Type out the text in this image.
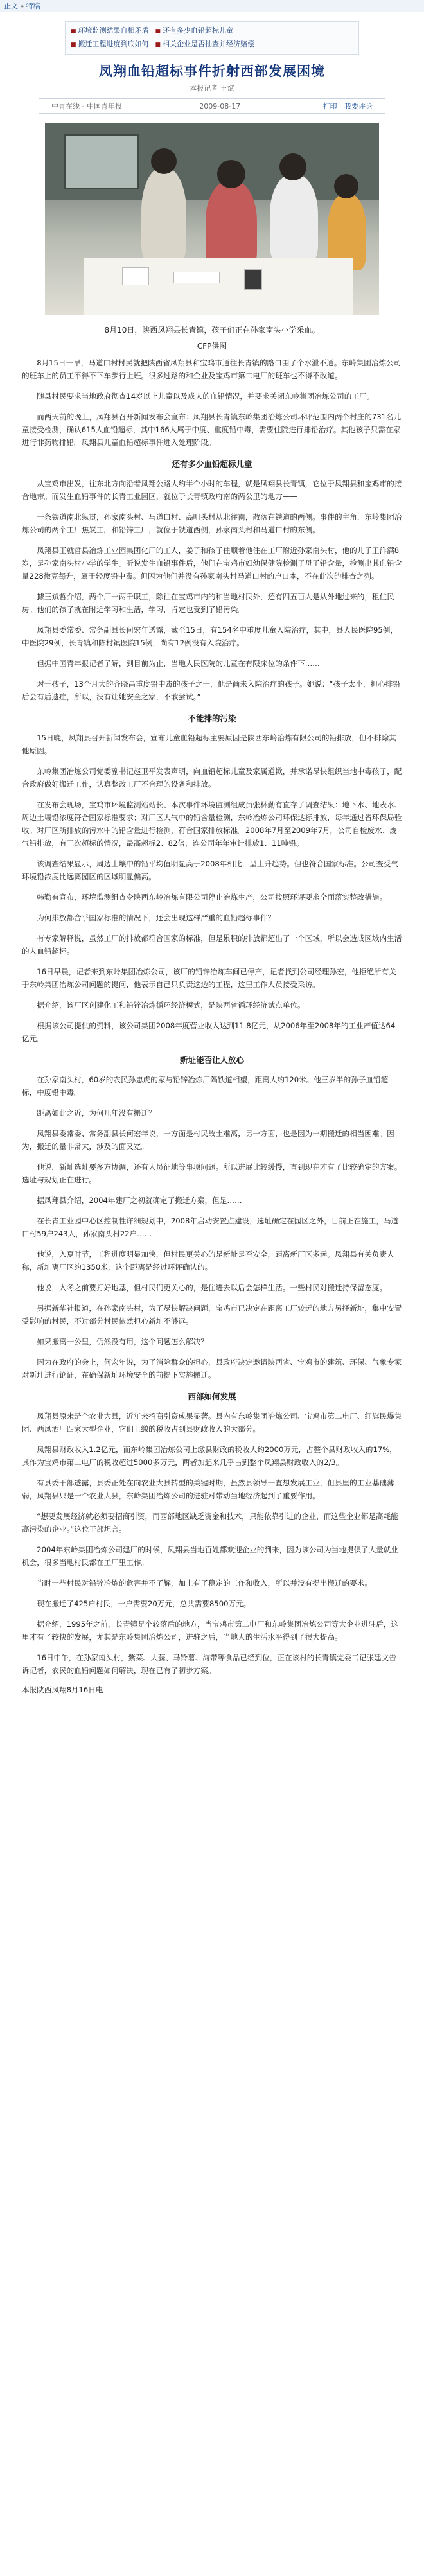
正文 » 特稿
■ 环境监测结果自相矛盾	■ 还有多少血铅超标儿童
■ 搬迁工程进度到底如何	■ 相关企业是否抽查并经济赔偿
凤翔血铅超标事件折射西部发展困境
本报记者 王斌
中青在线 - 中国青年报	2009-08-17	打印 我要评论
8月10日，陕西凤翔县长青镇，孩子们正在孙家南头小学采血。
CFP供图

8月15日一早，马道口村村民就把陕西省凤翔县和宝鸡市通往长青镇的路口围了个水泄不通。东岭集团冶炼公司的班车上的员工不得不下车步行上班。很多过路的和企业及宝鸡市第二电厂的班车也不得不改道。

随县村民要求当地政府彻查14岁以上儿童以及成人的血铅情况，并要求关闭东岭集团冶炼公司的工厂。

而两天前的晚上，凤翔县召开新闻发布会宣布：凤翔县长青镇东岭集团冶炼公司环评范围内两个村庄的731名儿童接受检测，确认615人血铅超标，其中166人属于中度、重度铅中毒，需要住院进行排铅治疗。其他孩子只需在家进行非药物排铅。凤翔县儿童血铅超标事件进入处理阶段。

还有多少血铅超标儿童

从宝鸡市出发，往东北方向沿着凤翔公路大约半个小时的车程，就是凤翔县长青镇，它位于凤翔县和宝鸡市的接合地带。而发生血铅事件的长青工业园区，就位于长青镇政府南的两公里的地方——

一条铁道南北纵贯，孙家南头村、马道口村、高咀头村从北往南，散落在铁道的两侧。事件的主角，东岭集团冶炼公司的两个工厂焦炭工厂和铅锌工厂，就位于铁道西侧，孙家南头村和马道口村的东侧。

凤翔县王就哲县冶炼工业园集团化厂的工人，姜子和孩子住顺着他住在工厂附近孙家南头村，他的儿子王洋满8岁，是孙家南头村小学的学生。听说发生血铅事件后，他们在宝鸡市妇幼保健院检测子母了铅含量，检测出其血铅含量228微克每升，属于轻度铅中毒。但因为他们并没有孙家南头村马道口村的户口本，不在此次的排查之列。

據王斌哲介绍，两个厂一两千职工，除往在宝鸡市内的和当地村民外，还有四五百人是从外地过来的，租住民房。他们的孩子就在附近学习和生活，学习，肯定也受到了铅污染。

凤翔县委常委、常务副县长何宏年透露，截至15日，有154名中重度儿童入院治疗，其中，县人民医院95例，中医院29例，长青镇和陈村镇医院15例，尚有12例没有入院治疗。

但据中国青年报记者了解，到目前为止，当地人民医院的儿童在有限床位的条件下……

对于孩子，13个月大的齐晓昌重度铅中毒的孩子之一，他是尚未入院治疗的孩子。她说：“孩子太小，担心排铅后会有后遗症，所以，没有让她安全之家，不敢尝试。”

不能排的污染

15日晚，凤翔县召开新闻发布会，宣布儿童血铅超标主要原因是陕西东岭冶炼有限公司的铅排放，但不排除其他原因。

东岭集团冶炼公司党委副书记赵卫平发表声明，向血铅超标儿童及家属道歉，并承诺尽快组织当地中毒孩子，配合政府做好搬迁工作，认真整改工厂不合理的设备和排放。

在发布会现场，宝鸡市环境监测站站长、本次事件环境监测组成员张林勤有直存了调查结果：地下水、地表水、周边土壤铅浓度符合国家标准要求；对厂区大气中的铅含量检测，东岭冶炼公司环保达标排放，每年通过省环保局验收。对厂区所排放的污水中的铅含量进行检测，符合国家排放标准。2008年7月至2009年7月，公司自检废水、废气铅排放，有三次超标的情况，最高超标2、82倍，连公司年年审计排放1、11吨铅。

该调查结果显示，周边土壤中的铅平均值明显高于2008年相比，呈上升趋势。但也符合国家标准。公司查受气环境铅浓度比远离园区的区域明显偏高。

韩勤有宣布，环境监测组查令陕西东岭冶炼有限公司停止冶炼生产，公司按照环评要求全面落实整改措施。

为何排放都合乎国家标准的情况下，还会出现这样严重的血铅超标事件？

有专家解释说，虽然工厂的排放都符合国家的标准，但是累积的排放都超出了一个区域，所以会造成区域内生活的人血铅超标。

16日早晨，记者来到东岭集团冶炼公司，该厂的铅锌冶炼车间已停产，记者找到公司经理孙宏，他拒绝所有关于东岭集团冶炼公司问题的提问，他表示自己只负责这边的工程，这里工作人员接受采访。

据介绍，该厂区创建化工和铅锌冶炼循环经济模式，是陕西省循环经济试点单位。

根据该公司提供的资料，该公司集团2008年度营业收入达到11.8亿元，从2006年至2008年的工业产值达64亿元。

新址能否让人放心

在孙家南头村，60岁的农民孙忠虎的家与铅锌冶炼厂隔铁道相望，距离大约120米。他三岁半的孙子血铅超标，中度铅中毒。

距离如此之近，为何几年没有搬迁？

凤翔县委常委、常务副县长何宏年说，一方面是村民故土难离，另一方面，也是因为一期搬迁的相当困难。因为，搬迁的量非常大，涉及的面又宽。

他说，新址选址要多方协调，还有人员征地等事项问题。所以进展比较缓慢，直到现在才有了比较确定的方案。选址与规划正在进行。

据凤翔县介绍，2004年建厂之初就确定了搬迁方案，但是……

在长青工业园中心区控制性详细规划中，2008年启动安置点建设，选址确定在园区之外，目前正在施工，马道口村59户243人，孙家南头村22户……

他说，入夏时节，工程进度明显加快，但村民更关心的是新址是否安全，距离新厂区多远。凤翔县有关负责人称，新址离厂区约1350米，这个距离是经过环评确认的。

他说，入冬之前要打好地基，但村民们更关心的，是住进去以后会怎样生活。一些村民对搬迁持保留态度。

另据新华社报道，在孙家南头村，为了尽快解决问题，宝鸡市已决定在距离工厂较远的地方另择新址，集中安置受影响的村民，不过部分村民依然担心新址不够远。

如果搬离一公里，仍然没有用，这个问题怎么解决？

因为在政府的会上，何宏年说，为了消除群众的担心，县政府决定邀请陕西省、宝鸡市的建筑、环保、气象专家对新址进行论证，在确保新址环境安全的前提下实施搬迁。

西部如何发展

凤翔县原来是个农业大县，近年来招商引资成果显著。县内有东岭集团冶炼公司、宝鸡市第二电厂、红旗民爆集团、西凤酒厂四家大型企业，它们上缴的税收占到县财政收入的大部分。

凤翔县财政收入1.2亿元，而东岭集团冶炼公司上缴县财政的税收大约2000万元，占整个县财政收入的17%，其作为宝鸡市第二电厂的税收超过5000多万元，两者加起来几乎占到整个凤翔县财政收入的2/3。

有县委干部透露，县委正处在向农业大县转型的关键时期，虽然县领导一直想发展工业，但县里的工业基础薄弱，凤翔县只是一个农业大县，东岭集团冶炼公司的进驻对带动当地经济起到了重要作用。

“想要发展经济就必须要招商引资，而西部地区缺乏资金和技术，只能依靠引进的企业，而这些企业都是高耗能高污染的企业。”这位干部坦言。

2004年东岭集团冶炼公司建厂的时候，凤翔县当地百姓都欢迎企业的到来，因为该公司为当地提供了大量就业机会，很多当地村民都在工厂里工作。

当时一些村民对铅锌冶炼的危害并不了解，加上有了稳定的工作和收入，所以并没有提出搬迁的要求。

现在搬迁了425户村民，一户需要20万元，总共需要8500万元。

据介绍，1995年之前，长青镇是个较落后的地方，当宝鸡市第二电厂和东岭集团冶炼公司等大企业进驻后，这里才有了较快的发展，尤其是东岭集团冶炼公司，进驻之后，当地人的生活水平得到了很大提高。

16日中午，在孙家南头村，紫菜、大蒜、马铃薯、海带等食品已经到位，正在该村的长青镇党委书记张建文告诉记者，农民的血铅问题如何解决，现在已有了初步方案。

本报陕西凤翔8月16日电
